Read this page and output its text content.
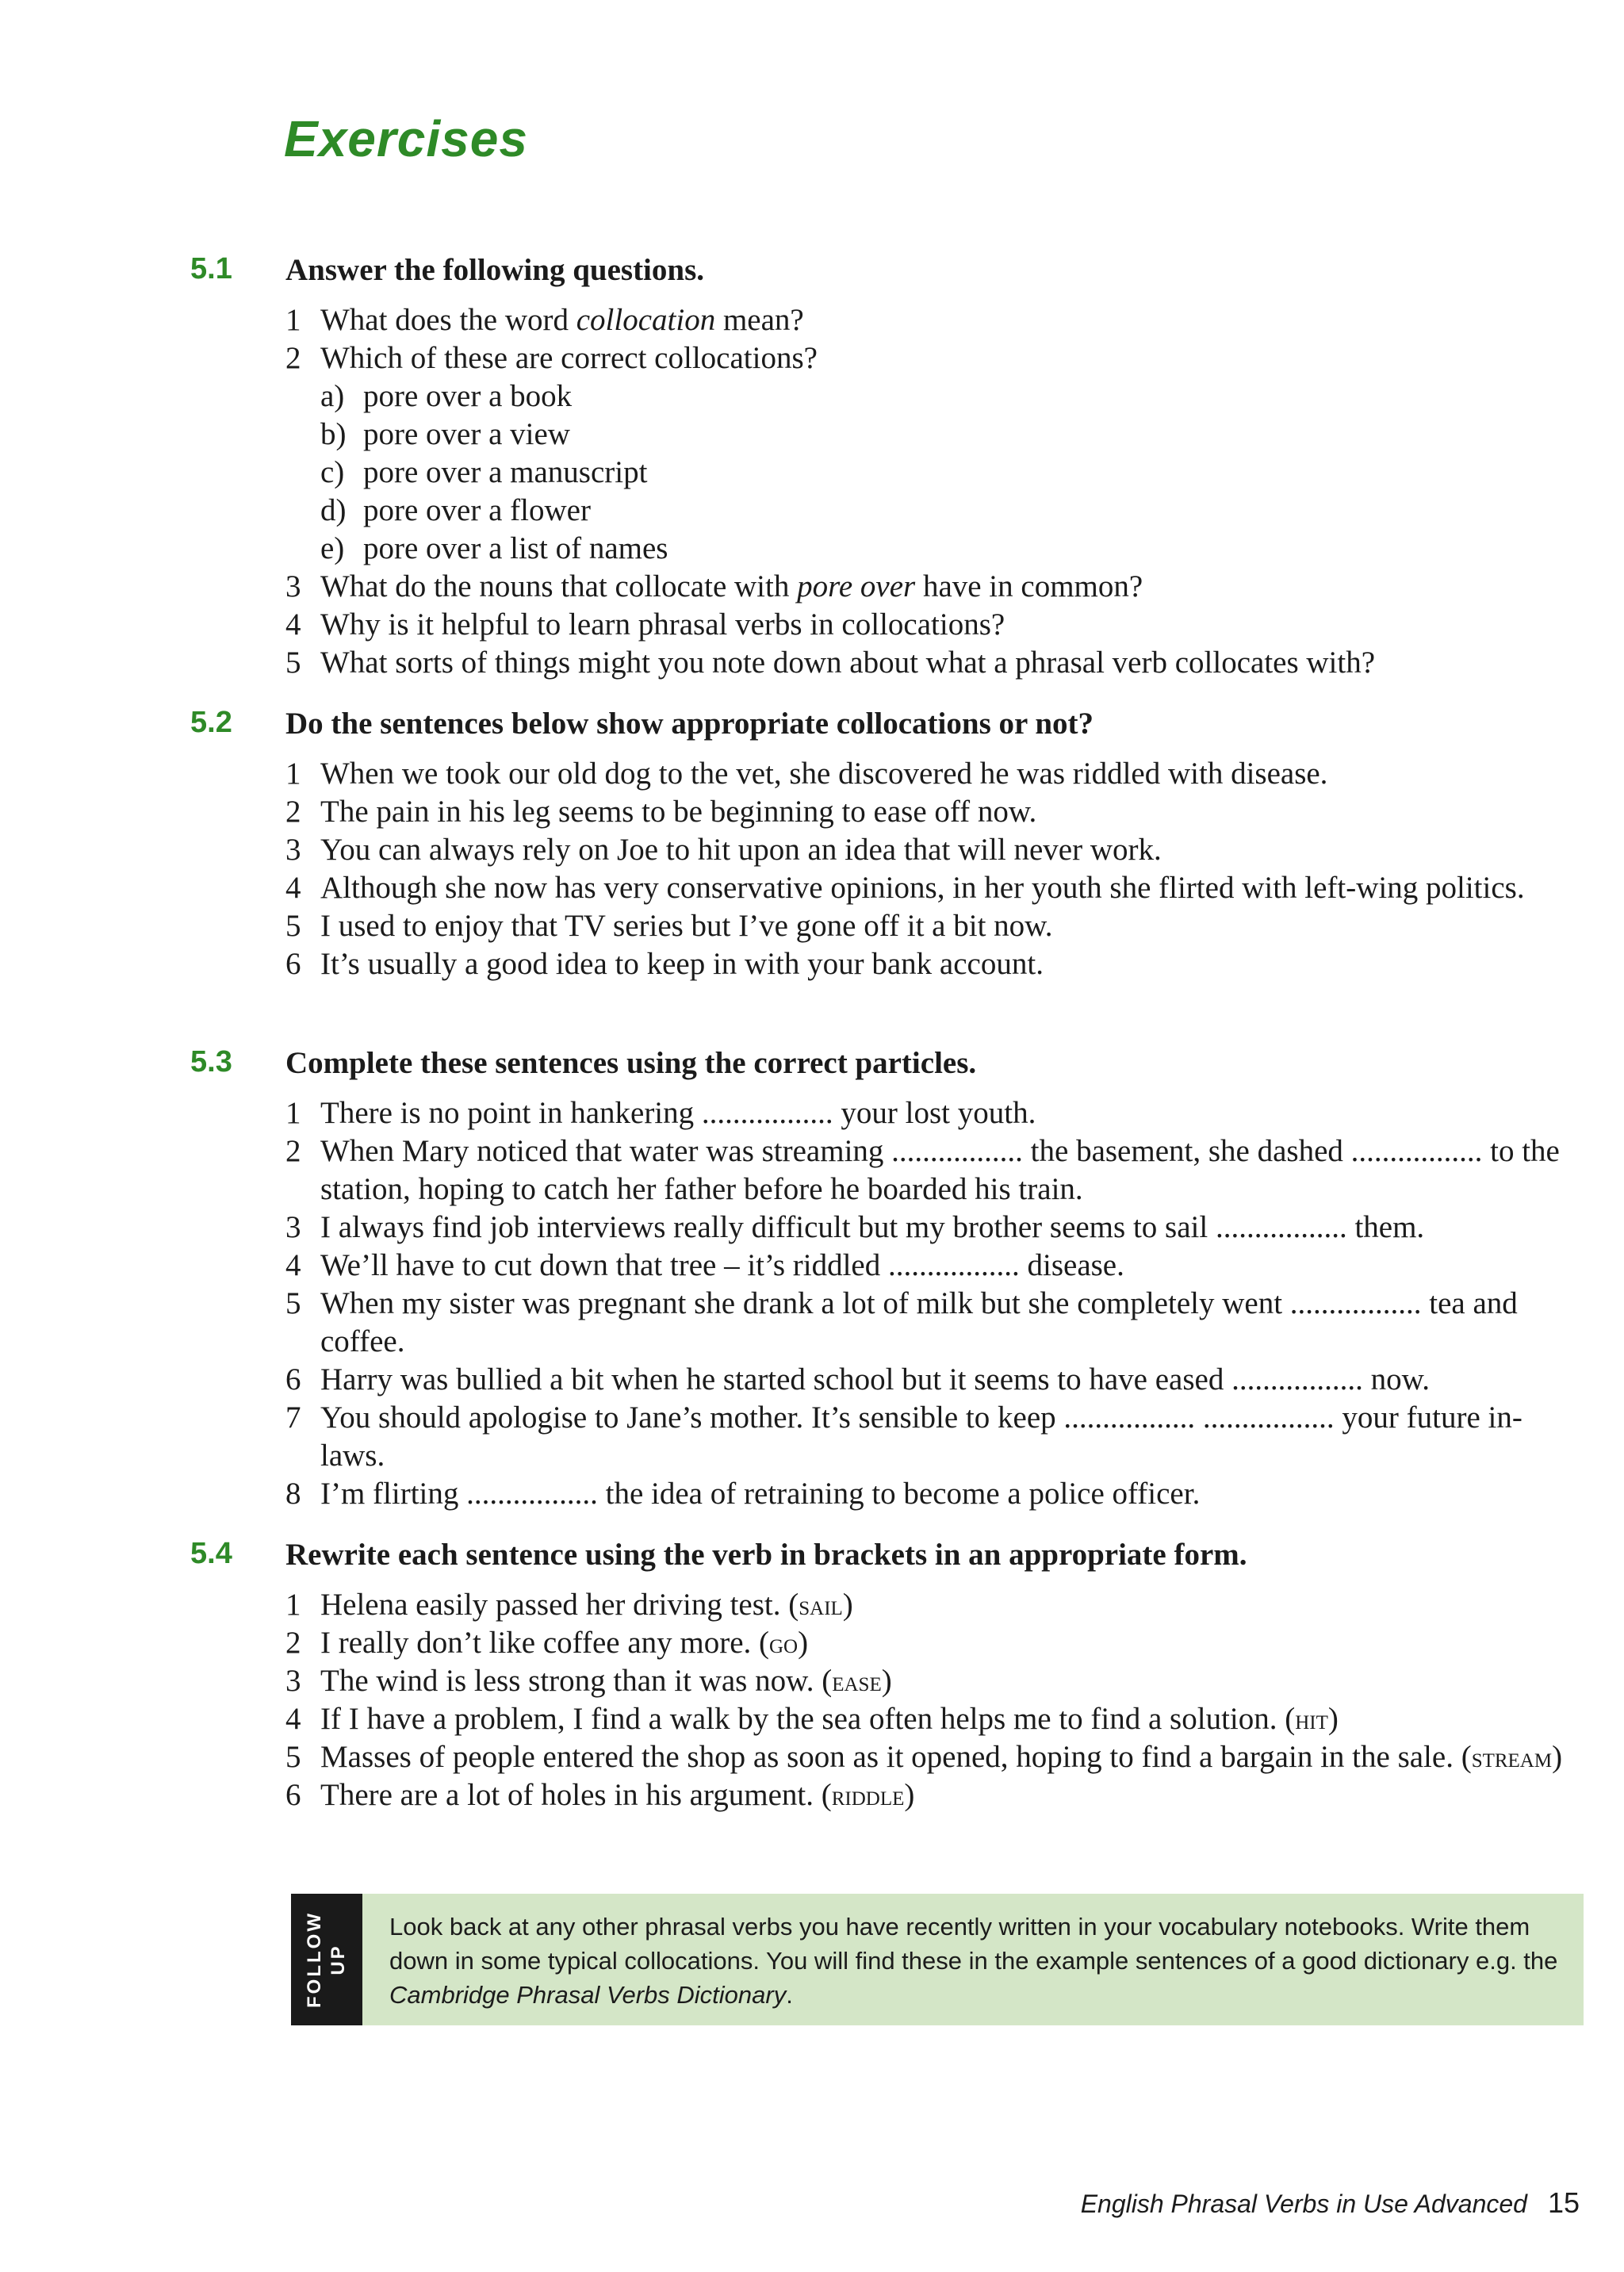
Exercises
5.1 Answer the following questions.
1 What does the word collocation mean?
2 Which of these are correct collocations?
a) pore over a book
b) pore over a view
c) pore over a manuscript
d) pore over a flower
e) pore over a list of names
3 What do the nouns that collocate with pore over have in common?
4 Why is it helpful to learn phrasal verbs in collocations?
5 What sorts of things might you note down about what a phrasal verb collocates with?
5.2 Do the sentences below show appropriate collocations or not?
1 When we took our old dog to the vet, she discovered he was riddled with disease.
2 The pain in his leg seems to be beginning to ease off now.
3 You can always rely on Joe to hit upon an idea that will never work.
4 Although she now has very conservative opinions, in her youth she flirted with left-wing politics.
5 I used to enjoy that TV series but I’ve gone off it a bit now.
6 It’s usually a good idea to keep in with your bank account.
5.3 Complete these sentences using the correct particles.
1 There is no point in hankering ................. your lost youth.
2 When Mary noticed that water was streaming ................. the basement, she dashed ................. to the station, hoping to catch her father before he boarded his train.
3 I always find job interviews really difficult but my brother seems to sail ................. them.
4 We’ll have to cut down that tree – it’s riddled ................. disease.
5 When my sister was pregnant she drank a lot of milk but she completely went ................. tea and coffee.
6 Harry was bullied a bit when he started school but it seems to have eased ................. now.
7 You should apologise to Jane’s mother. It’s sensible to keep ................. ................. your future in-laws.
8 I’m flirting ................. the idea of retraining to become a police officer.
5.4 Rewrite each sentence using the verb in brackets in an appropriate form.
1 Helena easily passed her driving test. (sail)
2 I really don’t like coffee any more. (go)
3 The wind is less strong than it was now. (ease)
4 If I have a problem, I find a walk by the sea often helps me to find a solution. (hit)
5 Masses of people entered the shop as soon as it opened, hoping to find a bargain in the sale. (stream)
6 There are a lot of holes in his argument. (riddle)
FOLLOW UP
Look back at any other phrasal verbs you have recently written in your vocabulary notebooks. Write them down in some typical collocations. You will find these in the example sentences of a good dictionary e.g. the Cambridge Phrasal Verbs Dictionary.
English Phrasal Verbs in Use Advanced 15
